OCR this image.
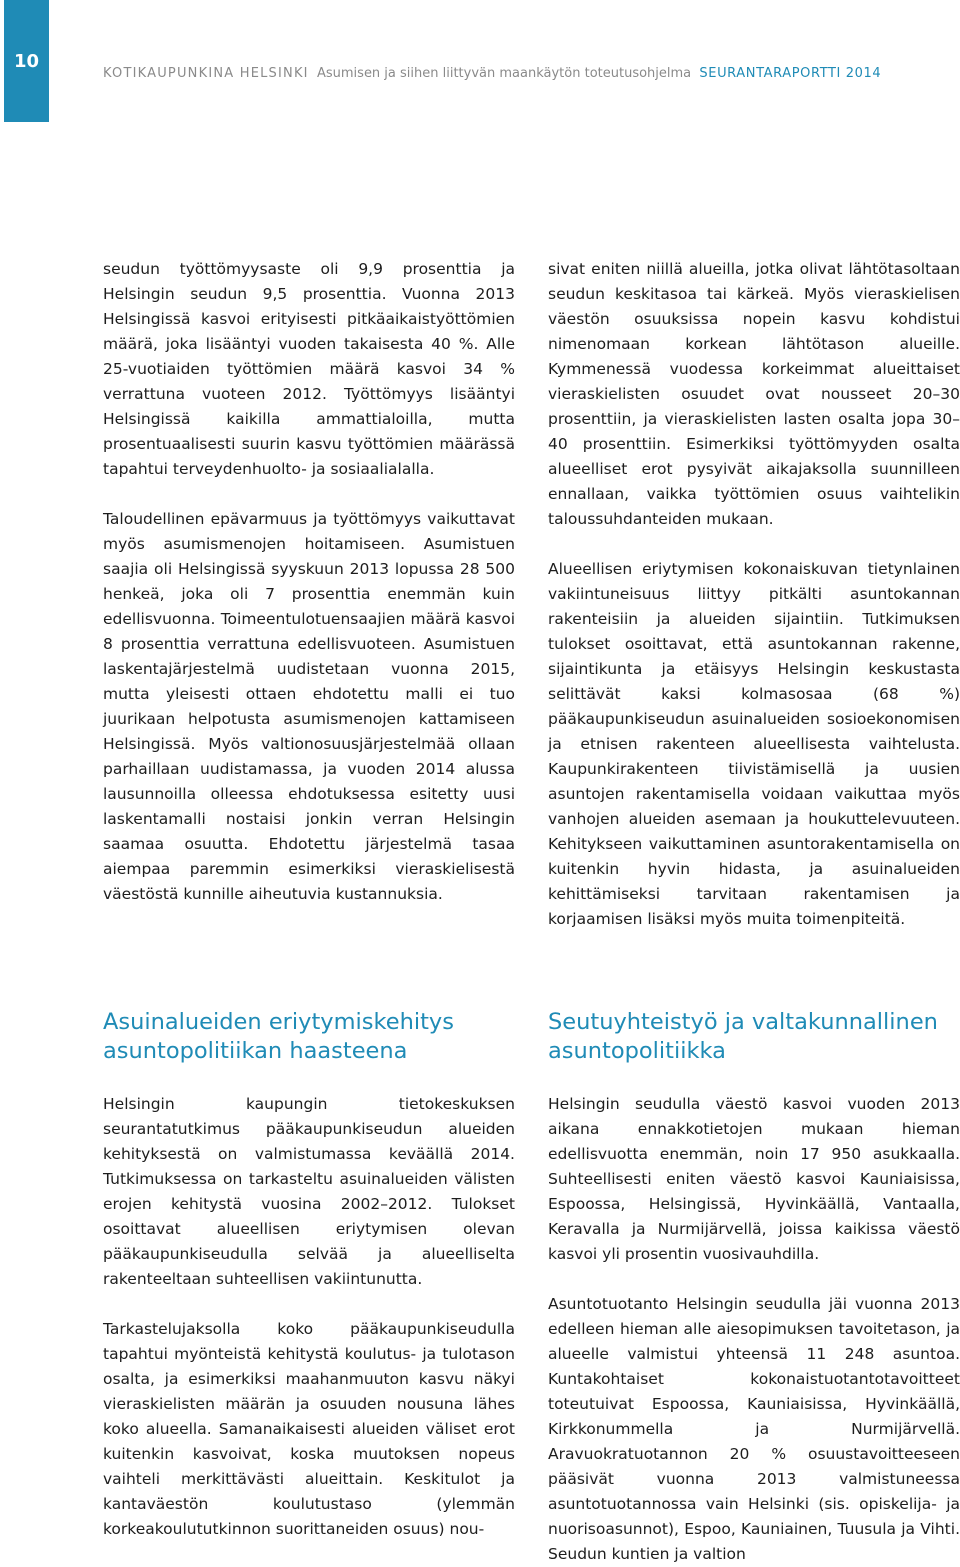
10
KOTIKAUPUNKINA HELSINKI Asumisen ja siihen liittyvän maankäytön toteutusohjelma SEURANTARAPORTTI 2014

seudun työttömyysaste oli 9,9 prosenttia ja Helsingin seudun 9,5 prosenttia. Vuonna 2013 Helsingissä kasvoi erityisesti pitkäaikaistyöttömien määrä, joka lisääntyi vuoden takaisesta 40 %. Alle 25-vuotiaiden työttömien määrä kasvoi 34 % verrattuna vuoteen 2012. Työttömyys lisääntyi Helsingissä kaikilla ammattialoilla, mutta prosentuaalisesti suurin kasvu työttömien määrässä tapahtui terveydenhuolto- ja sosiaalialalla.

Taloudellinen epävarmuus ja työttömyys vaikuttavat myös asumismenojen hoitamiseen. Asumistuen saajia oli Helsingissä syyskuun 2013 lopussa 28 500 henkeä, joka oli 7 prosenttia enemmän kuin edellisvuonna. Toimeentulotuensaajien määrä kasvoi 8 prosenttia verrattuna edellisvuoteen. Asumistuen laskentajärjestelmä uudistetaan vuonna 2015, mutta yleisesti ottaen ehdotettu malli ei tuo juurikaan helpotusta asumismenojen kattamiseen Helsingissä. Myös valtionosuusjärjestelmää ollaan parhaillaan uudistamassa, ja vuoden 2014 alussa lausunnoilla olleessa ehdotuksessa esitetty uusi laskentamalli nostaisi jonkin verran Helsingin saamaa osuutta. Ehdotettu järjestelmä tasaa aiempaa paremmin esimerkiksi vieraskielisestä väestöstä kunnille aiheutuvia kustannuksia.

sivat eniten niillä alueilla, jotka olivat lähtötasoltaan seudun keskitasoa tai kärkeä. Myös vieraskielisen väestön osuuksissa nopein kasvu kohdistui nimenomaan korkean lähtötason alueille. Kymmenessä vuodessa korkeimmat alueittaiset vieraskielisten osuudet ovat nousseet 20–30 prosenttiin, ja vieraskielisten lasten osalta jopa 30–40 prosenttiin. Esimerkiksi työttömyyden osalta alueelliset erot pysyivät aikajaksolla suunnilleen ennallaan, vaikka työttömien osuus vaihtelikin taloussuhdanteiden mukaan.

Alueellisen eriytymisen kokonaiskuvan tietynlainen vakiintuneisuus liittyy pitkälti asuntokannan rakenteisiin ja alueiden sijaintiin. Tutkimuksen tulokset osoittavat, että asuntokannan rakenne, sijaintikunta ja etäisyys Helsingin keskustasta selittävät kaksi kolmasosaa (68 %) pääkaupunkiseudun asuinalueiden sosioekonomisen ja etnisen rakenteen alueellisesta vaihtelusta. Kaupunkirakenteen tiivistämisellä ja uusien asuntojen rakentamisella voidaan vaikuttaa myös vanhojen alueiden asemaan ja houkuttelevuuteen. Kehitykseen vaikuttaminen asuntorakentamisella on kuitenkin hyvin hidasta, ja asuinalueiden kehittämiseksi tarvitaan rakentamisen ja korjaamisen lisäksi myös muita toimenpiteitä.

Asuinalueiden eriytymiskehitys asuntopolitiikan haasteena

Helsingin kaupungin tietokeskuksen seurantatutkimus pääkaupunkiseudun alueiden kehityksestä on valmistumassa keväällä 2014. Tutkimuksessa on tarkasteltu asuinalueiden välisten erojen kehitystä vuosina 2002–2012. Tulokset osoittavat alueellisen eriytymisen olevan pääkaupunkiseudulla selvää ja alueelliselta rakenteeltaan suhteellisen vakiintunutta.

Tarkastelujaksolla koko pääkaupunkiseudulla tapahtui myönteistä kehitystä koulutus- ja tulotason osalta, ja esimerkiksi maahanmuuton kasvu näkyi vieraskielisten määrän ja osuuden nousuna lähes koko alueella. Samanaikaisesti alueiden väliset erot kuitenkin kasvoivat, koska muutoksen nopeus vaihteli merkittävästi alueittain. Keskitulot ja kantaväestön koulutustaso (ylemmän korkeakoulututkinnon suorittaneiden osuus) nou-

Seutuyhteistyö ja valtakunnallinen asuntopolitiikka

Helsingin seudulla väestö kasvoi vuoden 2013 aikana ennakkotietojen mukaan hieman edellisvuotta enemmän, noin 17 950 asukkaalla. Suhteellisesti eniten väestö kasvoi Kauniaisissa, Espoossa, Helsingissä, Hyvinkäällä, Vantaalla, Keravalla ja Nurmijärvellä, joissa kaikissa väestö kasvoi yli prosentin vuosivauhdilla.

Asuntotuotanto Helsingin seudulla jäi vuonna 2013 edelleen hieman alle aiesopimuksen tavoitetason, ja alueelle valmistui yhteensä 11 248 asuntoa. Kuntakohtaiset kokonaistuotantotavoitteet toteutuivat Espoossa, Kauniaisissa, Hyvinkäällä, Kirkkonummella ja Nurmijärvellä. Aravuokratuotannon 20 % osuustavoitteeseen pääsivät vuonna 2013 valmistuneessa asuntotuotannossa vain Helsinki (sis. opiskelija- ja nuorisoasunnot), Espoo, Kauniainen, Tuusula ja Vihti. Seudun kuntien ja valtion
